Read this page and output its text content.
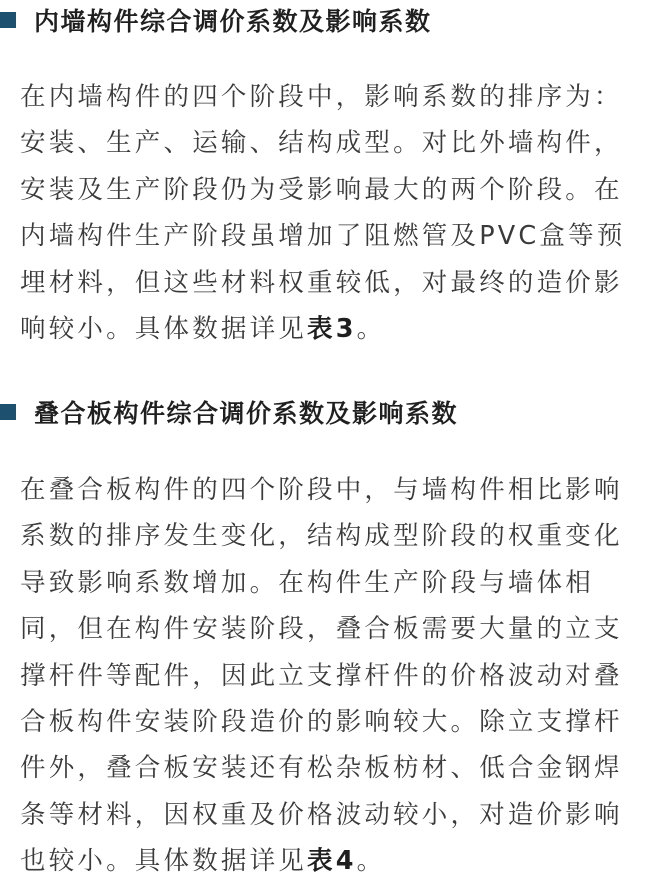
内墙构件综合调价系数及影响系数
在内墙构件的四个阶段中，影响系数的排序为：
安装、生产、运输、结构成型。对比外墙构件，
安装及生产阶段仍为受影响最大的两个阶段。在
内墙构件生产阶段虽增加了阻燃管及PVC盒等预
埋材料，但这些材料权重较低，对最终的造价影
响较小。具体数据详见表3。
叠合板构件综合调价系数及影响系数
在叠合板构件的四个阶段中，与墙构件相比影响
系数的排序发生变化，结构成型阶段的权重变化
导致影响系数增加。在构件生产阶段与墙体相
同，但在构件安装阶段，叠合板需要大量的立支
撑杆件等配件，因此立支撑杆件的价格波动对叠
合板构件安装阶段造价的影响较大。除立支撑杆
件外，叠合板安装还有松杂板枋材、低合金钢焊
条等材料，因权重及价格波动较小，对造价影响
也较小。具体数据详见表4。
